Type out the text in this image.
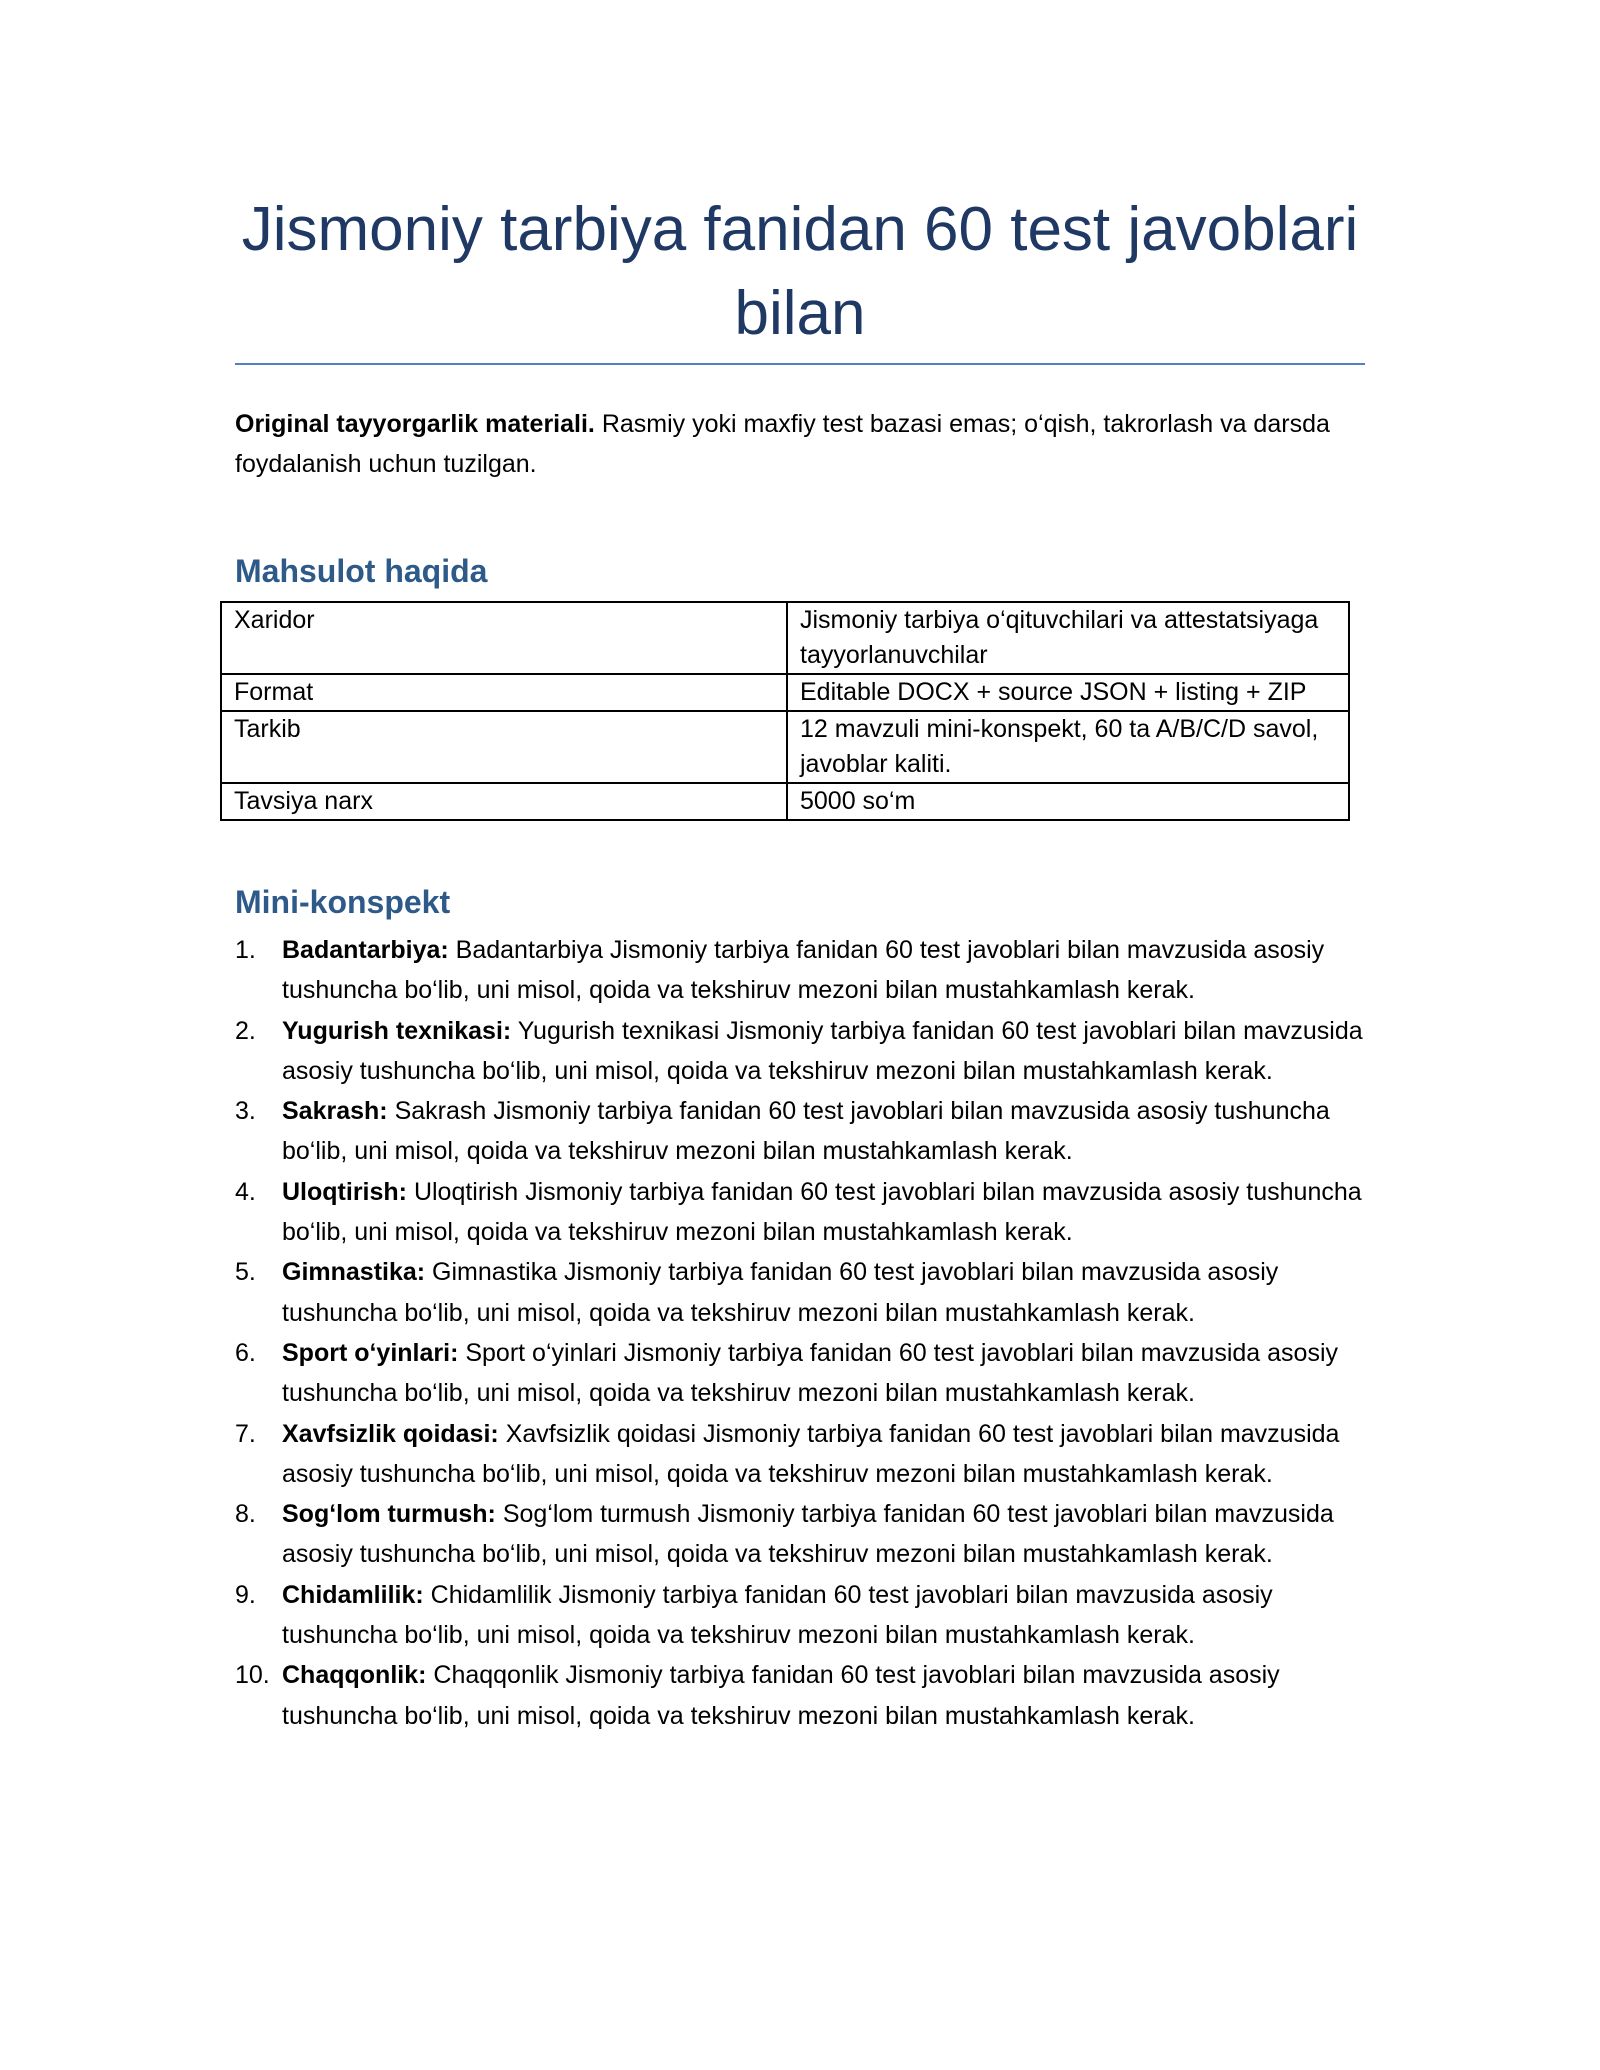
Jismoniy tarbiya fanidan 60 test javoblari bilan

Original tayyorgarlik materiali. Rasmiy yoki maxfiy test bazasi emas; o‘qish, takrorlash va darsda foydalanish uchun tuzilgan.

Mahsulot haqida
Xaridor	Jismoniy tarbiya o‘qituvchilari va attestatsiyaga tayyorlanuvchilar
Format	Editable DOCX + source JSON + listing + ZIP
Tarkib	12 mavzuli mini-konspekt, 60 ta A/B/C/D savol, javoblar kaliti.
Tavsiya narx	5000 so‘m
Mini-konspekt
1. Badantarbiya: Badantarbiya Jismoniy tarbiya fanidan 60 test javoblari bilan mavzusida asosiy tushuncha bo‘lib, uni misol, qoida va tekshiruv mezoni bilan mustahkamlash kerak.
2. Yugurish texnikasi: Yugurish texnikasi Jismoniy tarbiya fanidan 60 test javoblari bilan mavzusida asosiy tushuncha bo‘lib, uni misol, qoida va tekshiruv mezoni bilan mustahkamlash kerak.
3. Sakrash: Sakrash Jismoniy tarbiya fanidan 60 test javoblari bilan mavzusida asosiy tushuncha bo‘lib, uni misol, qoida va tekshiruv mezoni bilan mustahkamlash kerak.
4. Uloqtirish: Uloqtirish Jismoniy tarbiya fanidan 60 test javoblari bilan mavzusida asosiy tushuncha bo‘lib, uni misol, qoida va tekshiruv mezoni bilan mustahkamlash kerak.
5. Gimnastika: Gimnastika Jismoniy tarbiya fanidan 60 test javoblari bilan mavzusida asosiy tushuncha bo‘lib, uni misol, qoida va tekshiruv mezoni bilan mustahkamlash kerak.
6. Sport o‘yinlari: Sport o‘yinlari Jismoniy tarbiya fanidan 60 test javoblari bilan mavzusida asosiy tushuncha bo‘lib, uni misol, qoida va tekshiruv mezoni bilan mustahkamlash kerak.
7. Xavfsizlik qoidasi: Xavfsizlik qoidasi Jismoniy tarbiya fanidan 60 test javoblari bilan mavzusida asosiy tushuncha bo‘lib, uni misol, qoida va tekshiruv mezoni bilan mustahkamlash kerak.
8. Sog‘lom turmush: Sog‘lom turmush Jismoniy tarbiya fanidan 60 test javoblari bilan mavzusida asosiy tushuncha bo‘lib, uni misol, qoida va tekshiruv mezoni bilan mustahkamlash kerak.
9. Chidamlilik: Chidamlilik Jismoniy tarbiya fanidan 60 test javoblari bilan mavzusida asosiy tushuncha bo‘lib, uni misol, qoida va tekshiruv mezoni bilan mustahkamlash kerak.
10. Chaqqonlik: Chaqqonlik Jismoniy tarbiya fanidan 60 test javoblari bilan mavzusida asosiy tushuncha bo‘lib, uni misol, qoida va tekshiruv mezoni bilan mustahkamlash kerak.
